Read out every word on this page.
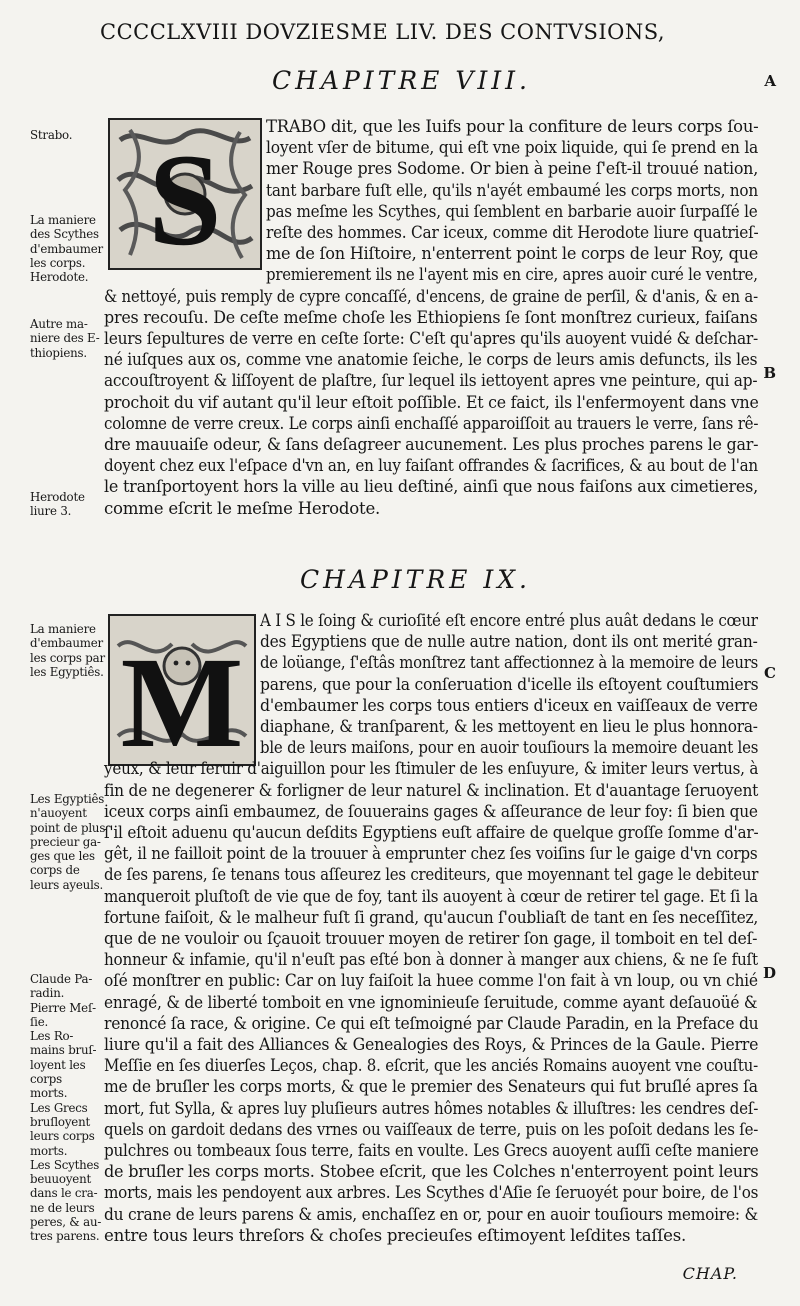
CCCCLXVIII DOVZIESME LIV. DES CONTVSIONS,
A
CHAPITRE VIII.
S	TRABO dit, que les Iuifs pour la confiture de leurs corps ſou-
loyent vſer de bitume, qui eſt vne poix liquide, qui ſe prend en la
mer Rouge pres Sodome. Or bien à peine ſ'eſt-il trouué nation,
tant barbare fuſt elle, qu'ils n'ayét embaumé les corps morts, non
pas meſme les Scythes, qui ſemblent en barbarie auoir ſurpaſſé le
reſte des hommes. Car iceux, comme dit Herodote liure quatrieſ-
me de ſon Hiſtoire, n'enterrent point le corps de leur Roy, que
premierement ils ne l'ayent mis en cire, apres auoir curé le ventre,
& nettoyé, puis remply de cypre concaſſé, d'encens, de graine de perſil, & d'anis, & en a-
pres recouſu. De ceſte meſme choſe les Ethiopiens ſe ſont monſtrez curieux, faiſans
leurs ſepultures de verre en ceſte ſorte: C'eſt qu'apres qu'ils auoyent vuidé & deſchar-
né iuſques aux os, comme vne anatomie ſeiche, le corps de leurs amis defuncts, ils les
accouſtroyent & liſſoyent de plaſtre, ſur lequel ils iettoyent apres vne peinture, qui ap-
prochoit du vif autant qu'il leur eſtoit poſſible. Et ce faict, ils l'enfermoyent dans vne
colomne de verre creux. Le corps ainſi enchaſſé apparoiſſoit au trauers le verre, ſans rê-
dre mauuaiſe odeur, & ſans deſagreer aucunement. Les plus proches parens le gar-
doyent chez eux l'eſpace d'vn an, en luy faiſant offrandes & ſacrifices, & au bout de l'an
le tranſportoyent hors la ville au lieu deſtiné, ainſi que nous faiſons aux cimetieres,
comme eſcrit le meſme Herodote.
B
CHAPITRE IX.
M
A I S le ſoing & curioſité eſt encore entré plus auât dedans le cœur
des Egyptiens que de nulle autre nation, dont ils ont merité gran-
de loüange, ſ'eſtâs monſtrez tant affectionnez à la memoire de leurs
parens, que pour la conſeruation d'icelle ils eſtoyent couſtumiers
d'embaumer les corps tous entiers d'iceux en vaiſſeaux de verre
diaphane, & tranſparent, & les mettoyent en lieu le plus honnora-
ble de leurs maiſons, pour en auoir touſiours la memoire deuant les
yeux, & leur ſeruir d'aiguillon pour les ſtimuler de les enſuyure, & imiter leurs vertus, à
fin de ne degenerer & forligner de leur naturel & inclination. Et d'auantage ſeruoyent
iceux corps ainſi embaumez, de ſouuerains gages & aſſeurance de leur foy: ſi bien que
ſ'il eſtoit aduenu qu'aucun deſdits Egyptiens euſt affaire de quelque groſſe ſomme d'ar-
gêt, il ne failloit point de la trouuer à emprunter chez ſes voiſins ſur le gaige d'vn corps
de ſes parens, ſe tenans tous aſſeurez les crediteurs, que moyennant tel gage le debiteur
manqueroit pluſtoſt de vie que de foy, tant ils auoyent à cœur de retirer tel gage. Et ſi la
fortune faiſoit, & le malheur fuſt ſi grand, qu'aucun ſ'oubliaſt de tant en ſes neceſſitez,
que de ne vouloir ou ſçauoit trouuer moyen de retirer ſon gage, il tomboit en tel deſ-
honneur & infamie, qu'il n'euſt pas eſté bon à donner à manger aux chiens, & ne ſe fuſt
oſé monſtrer en public: Car on luy faiſoit la huee comme l'on fait à vn loup, ou vn chié
enragé, & de liberté tomboit en vne ignominieuſe ſeruitude, comme ayant deſauoüé &
renoncé ſa race, & origine. Ce qui eſt teſmoigné par Claude Paradin, en la Preface du
liure qu'il a fait des Alliances & Genealogies des Roys, & Princes de la Gaule. Pierre
Meſſie en ſes diuerſes Leços, chap. 8. eſcrit, que les anciés Romains auoyent vne couſtu-
me de bruſler les corps morts, & que le premier des Senateurs qui fut bruſlé apres ſa
mort, fut Sylla, & apres luy pluſieurs autres hômes notables & illuſtres: les cendres deſ-
quels on gardoit dedans des vrnes ou vaiſſeaux de terre, puis on les poſoit dedans les ſe-
pulchres ou tombeaux ſous terre, faits en voulte. Les Grecs auoyent auſſi ceſte maniere
de bruſler les corps morts. Stobee eſcrit, que les Colches n'enterroyent point leurs
morts, mais les pendoyent aux arbres. Les Scythes d'Aſie ſe ſeruoyét pour boire, de l'os
du crane de leurs parens & amis, enchaſſez en or, pour en auoir touſiours memoire: &
entre tous leurs threſors & choſes precieuſes eſtimoyent leſdites taſſes.
C
D
Strabo.
La maniere
des Scythes
d'embaumer
les corps.
Herodote.
Autre ma-
niere des E-
thiopiens.
Herodote
liure 3.
La maniere
d'embaumer
les corps par
les Egyptiês.
Les Egyptiês
n'auoyent
point de plus
precieur ga-
ges que les
corps de
leurs ayeuls.
Claude Pa-
radin.
Pierre Meſ-
ſie.
Les Ro-
mains bruſ-
loyent les
corps
morts.
Les Grecs
bruſloyent
leurs corps
morts.
Les Scythes
beuuoyent
dans le cra-
ne de leurs
peres, & au-
tres parens.
CHAP.
